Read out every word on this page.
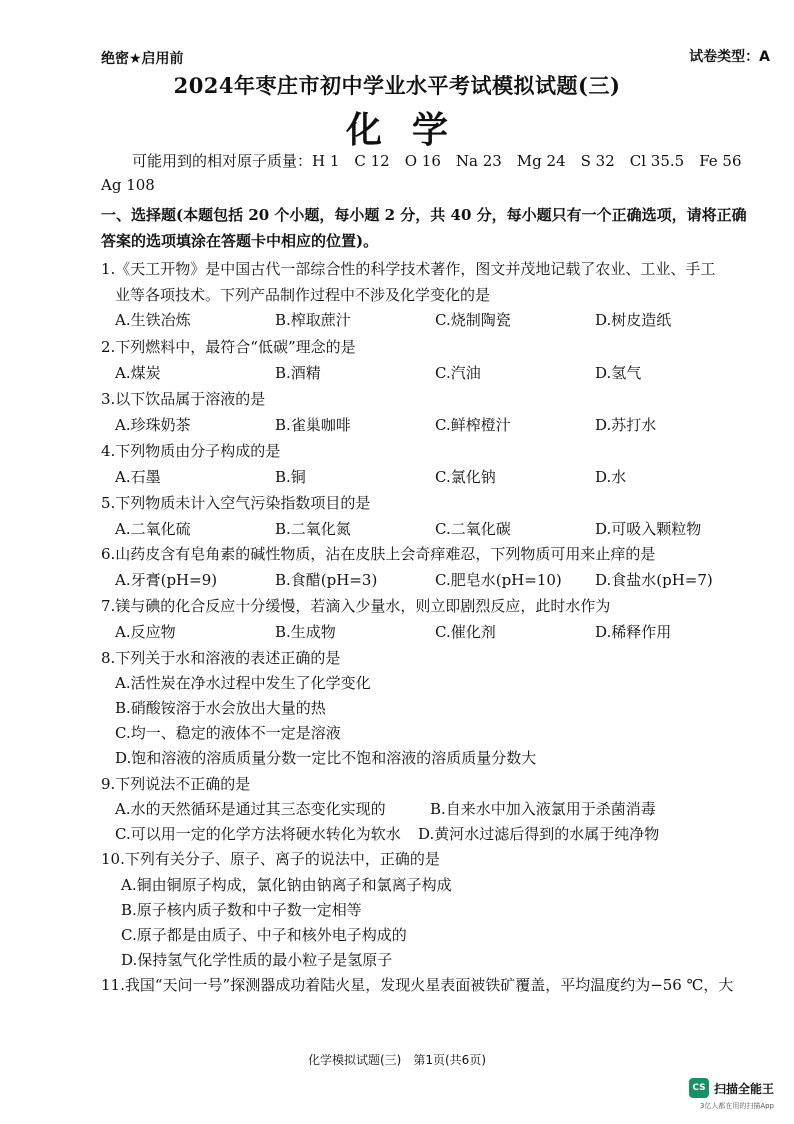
绝密★启用前	试卷类型：A
2024年枣庄市初中学业水平考试模拟试题(三)
化学
可能用到的相对原子质量：H 1　C 12　O 16　Na 23　Mg 24　S 32　Cl 35.5　Fe 56
Ag 108
一、选择题(本题包括 20 个小题，每小题 2 分，共 40 分，每小题只有一个正确选项，请将正确
答案的选项填涂在答题卡中相应的位置)。
1.《天工开物》是中国古代一部综合性的科学技术著作，图文并茂地记载了农业、工业、手工
业等各项技术。下列产品制作过程中不涉及化学变化的是
A.生铁冶炼	B.榨取蔗汁	C.烧制陶瓷	D.树皮造纸
2.下列燃料中，最符合“低碳”理念的是
A.煤炭	B.酒精	C.汽油	D.氢气
3.以下饮品属于溶液的是
A.珍珠奶茶	B.雀巢咖啡	C.鲜榨橙汁	D.苏打水
4.下列物质由分子构成的是
A.石墨	B.铜	C.氯化钠	D.水
5.下列物质未计入空气污染指数项目的是
A.二氧化硫	B.二氧化氮	C.二氧化碳	D.可吸入颗粒物
6.山药皮含有皂角素的碱性物质，沾在皮肤上会奇痒难忍，下列物质可用来止痒的是
A.牙膏(pH=9)	B.食醋(pH=3)	C.肥皂水(pH=10)	D.食盐水(pH=7)
7.镁与碘的化合反应十分缓慢，若滴入少量水，则立即剧烈反应，此时水作为
A.反应物	B.生成物	C.催化剂	D.稀释作用
8.下列关于水和溶液的表述正确的是
A.活性炭在净水过程中发生了化学变化
B.硝酸铵溶于水会放出大量的热
C.均一、稳定的液体不一定是溶液
D.饱和溶液的溶质质量分数一定比不饱和溶液的溶质质量分数大
9.下列说法不正确的是
A.水的天然循环是通过其三态变化实现的	B.自来水中加入液氯用于杀菌消毒
C.可以用一定的化学方法将硬水转化为软水 D.黄河水过滤后得到的水属于纯净物
10.下列有关分子、原子、离子的说法中，正确的是
A.铜由铜原子构成，氯化钠由钠离子和氯离子构成
B.原子核内质子数和中子数一定相等
C.原子都是由质子、中子和核外电子构成的
D.保持氢气化学性质的最小粒子是氢原子
11.我国“天问一号”探测器成功着陆火星，发现火星表面被铁矿覆盖，平均温度约为−56 ℃，大
化学模拟试题(三)　第1页(共6页)
CS 扫描全能王
3亿人都在用的扫描App
